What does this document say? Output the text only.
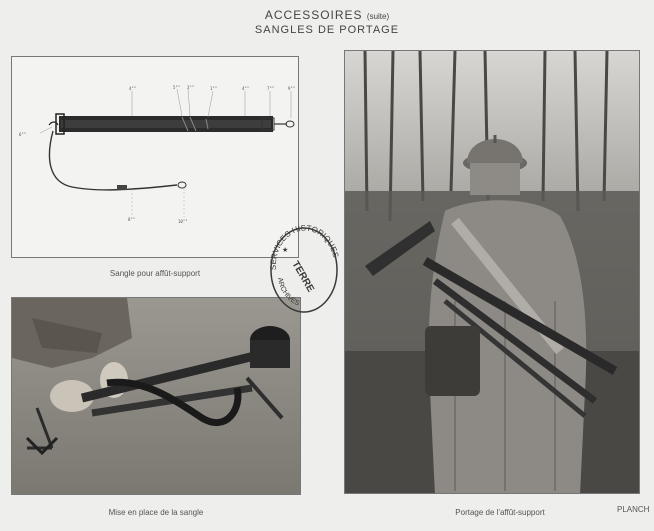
ACCESSOIRES (suite)
SANGLES DE PORTAGE
4""	5"" 3""	1""	4""	7""	9""
6""
8""	10""
Sangle pour affût-support
Mise en place de la sangle	Portage de l'affût-support	PLANCH
SERVICES HISTORIQUES
ARCHIVES
TERRE
★
